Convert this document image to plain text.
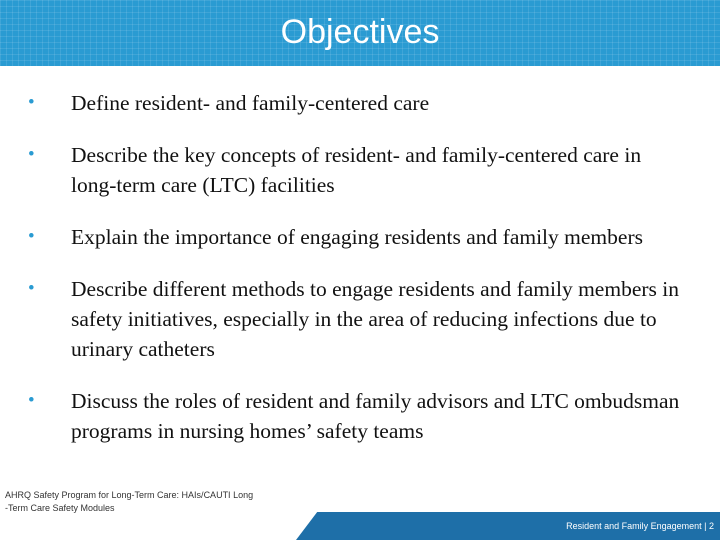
Objectives
•	Define resident- and family-centered care
•	Describe the key concepts of resident- and family-centered care in long-term care (LTC) facilities
•	Explain the importance of engaging residents and family members
•	Describe different methods to engage residents and family members in safety initiatives, especially in the area of reducing infections due to urinary catheters
•	Discuss the roles of resident and family advisors and LTC ombudsman programs in nursing homes’ safety teams
AHRQ Safety Program for Long-Term Care: HAIs/CAUTI Long
-Term Care Safety Modules
Resident and Family Engagement | 2
